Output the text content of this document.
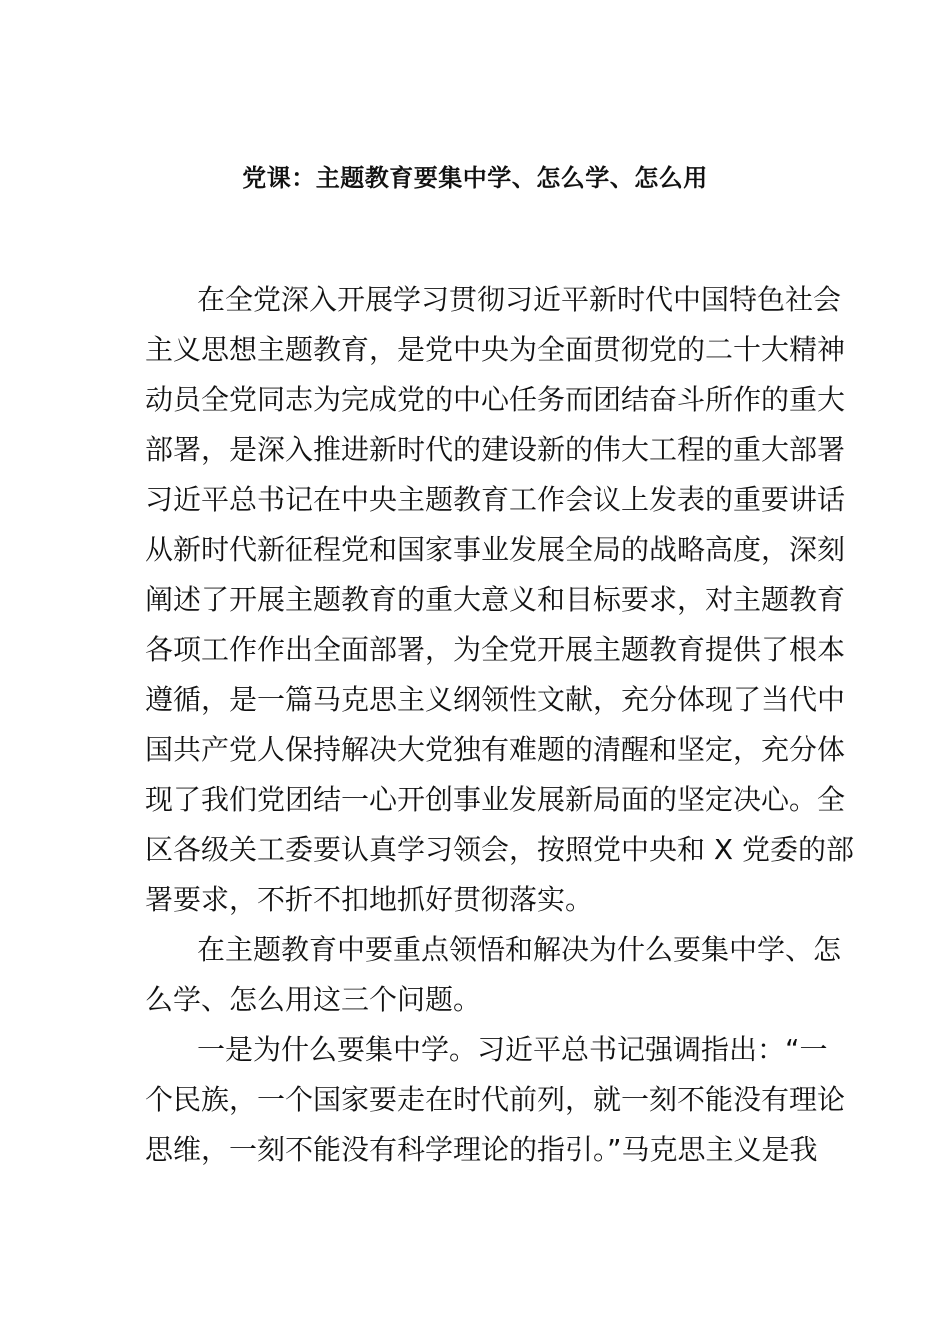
党课：主题教育要集中学、怎么学、怎么用

在全党深入开展学习贯彻习近平新时代中国特色社会

主义思想主题教育，是党中央为全面贯彻党的二十大精神

动员全党同志为完成党的中心任务而团结奋斗所作的重大

部署，是深入推进新时代的建设新的伟大工程的重大部署

习近平总书记在中央主题教育工作会议上发表的重要讲话

从新时代新征程党和国家事业发展全局的战略高度，深刻

阐述了开展主题教育的重大意义和目标要求，对主题教育

各项工作作出全面部署，为全党开展主题教育提供了根本

遵循，是一篇马克思主义纲领性文献，充分体现了当代中

国共产党人保持解决大党独有难题的清醒和坚定，充分体

现了我们党团结一心开创事业发展新局面的坚定决心。全

区各级关工委要认真学习领会，按照党中央和 X 党委的部

署要求，不折不扣地抓好贯彻落实。

在主题教育中要重点领悟和解决为什么要集中学、怎

么学、怎么用这三个问题。

一是为什么要集中学。习近平总书记强调指出：“一

个民族，一个国家要走在时代前列，就一刻不能没有理论

思维，一刻不能没有科学理论的指引。”马克思主义是我
